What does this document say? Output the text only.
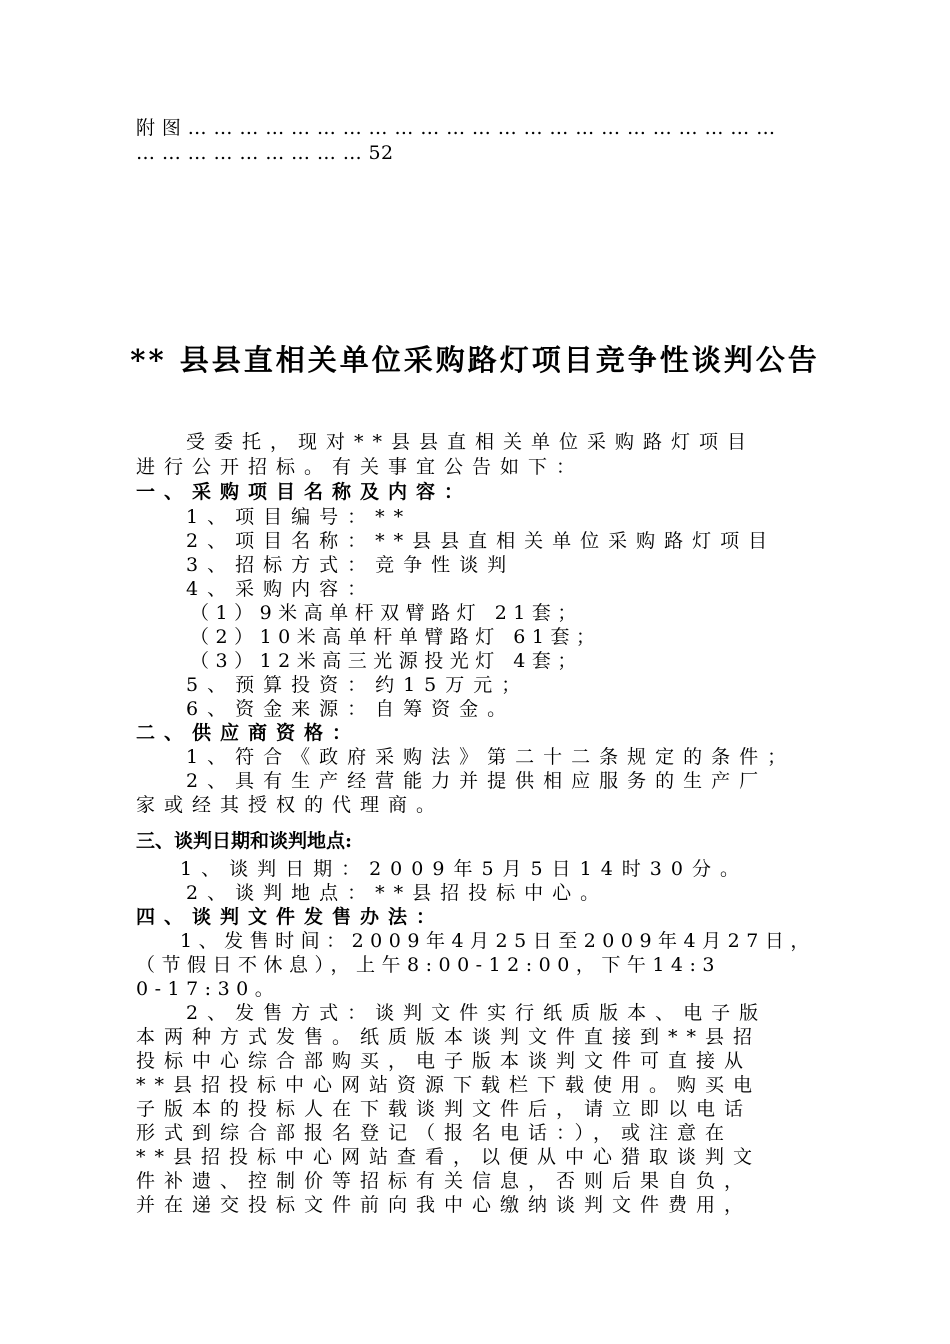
附 图 … … … … … … … … … … … … … … … … … … … … … … …
… … … … … … … … … 52
** 县县直相关单位采购路灯项目竞争性谈判公告
受委托，现对**县县直相关单位采购路灯项目
进行公开招标。有关事宜公告如下：
一、采购项目名称及内容：
1、项目编号：**
2、项目名称：**县县直相关单位采购路灯项目
3、招标方式：竞争性谈判
4、采购内容：
（1）9米高单杆双臂路灯 21套；
（2）10米高单杆单臂路灯 61套；
（3）12米高三光源投光灯 4套；
5、预算投资：约15万元；
6、资金来源：自筹资金。
二、供应商资格：
1、符合《政府采购法》第二十二条规定的条件；
2、具有生产经营能力并提供相应服务的生产厂
家或经其授权的代理商。
三、谈判日期和谈判地点:
1、谈判日期：2009年5月5日14时30分。
2、谈判地点：**县招投标中心。
四、谈判文件发售办法：
1、发售时间：2009年4月25日至2009年4月27日，
（节假日不休息），上午8:00-12:00，下午14:3
0-17:30。
2、发售方式：谈判文件实行纸质版本、电子版
本两种方式发售。纸质版本谈判文件直接到**县招
投标中心综合部购买，电子版本谈判文件可直接从
**县招投标中心网站资源下载栏下载使用。购买电
子版本的投标人在下载谈判文件后，请立即以电话
形式到综合部报名登记（报名电话：），或注意在
**县招投标中心网站查看，以便从中心猎取谈判文
件补遗、控制价等招标有关信息，否则后果自负，
并在递交投标文件前向我中心缴纳谈判文件费用，
